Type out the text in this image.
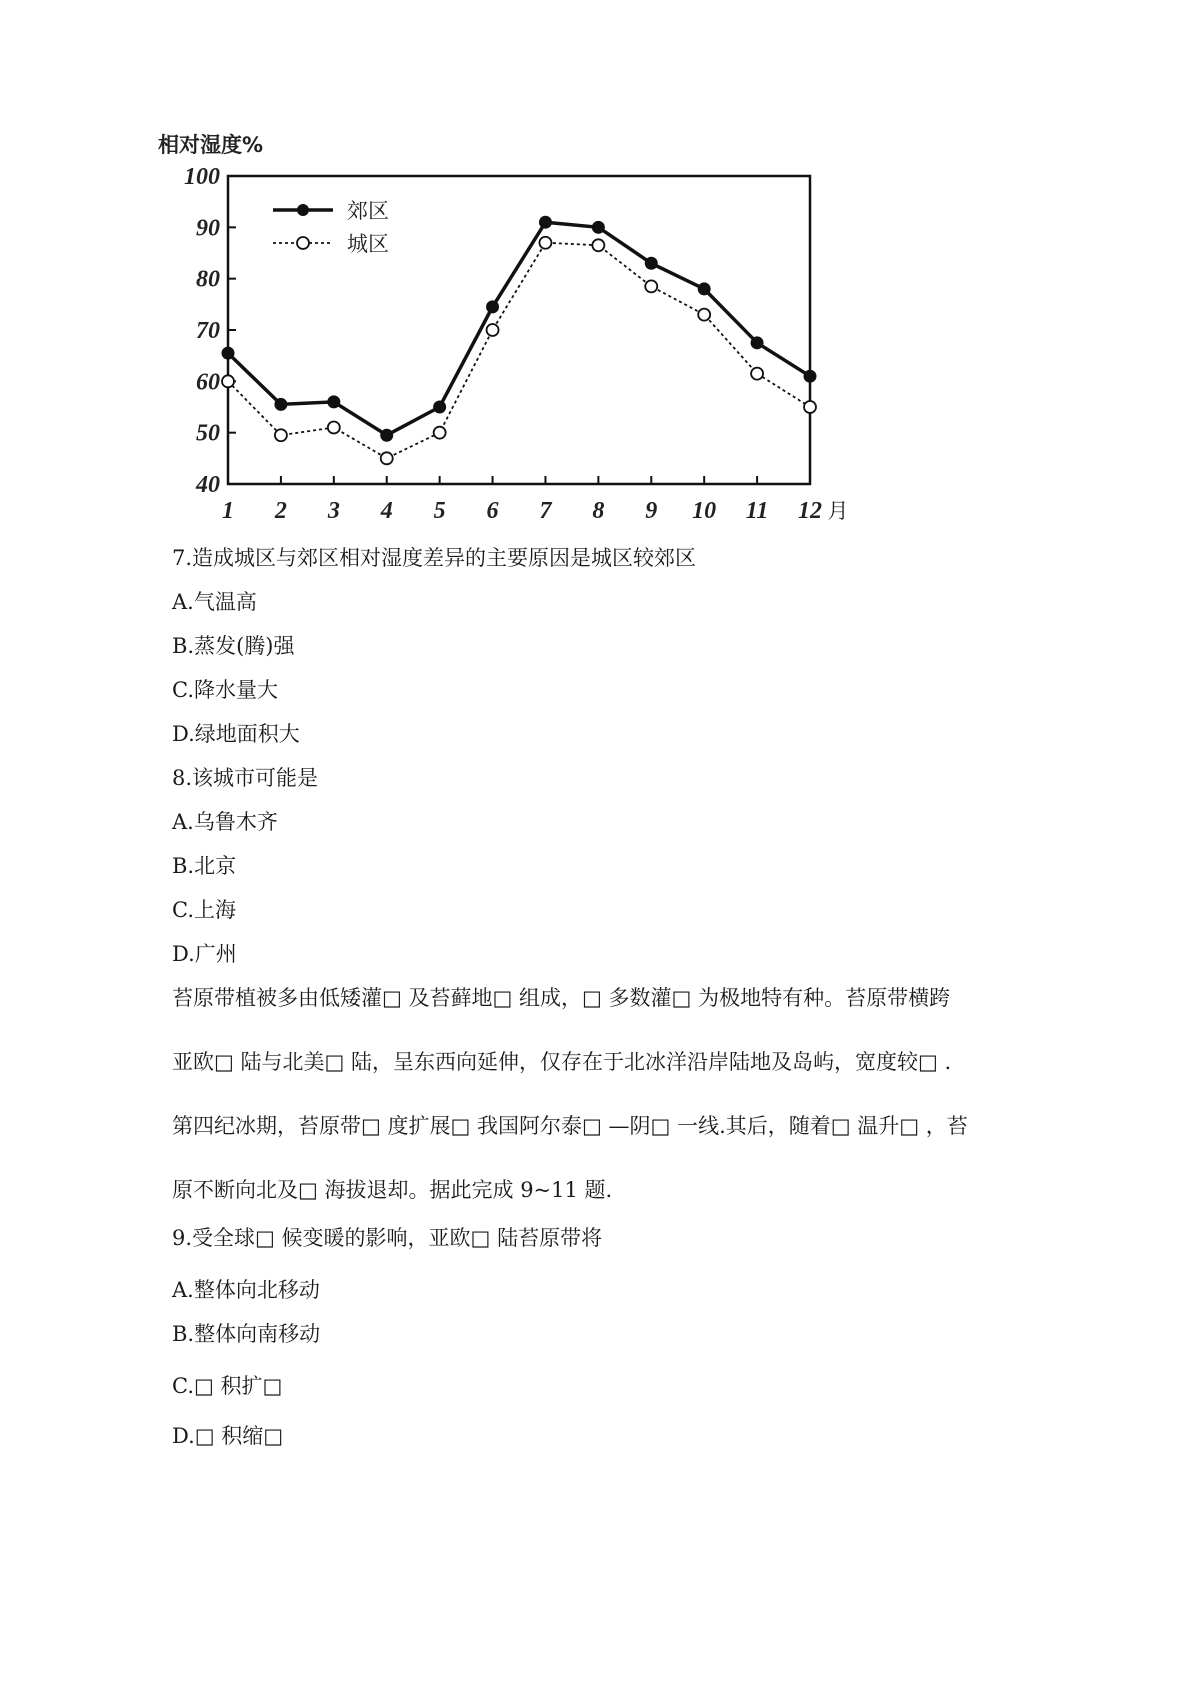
相对湿度%
40
50
60
70
80
90
100
1 2 3 4 5 6 7 8 9 10 11 12 月
郊区
城区
7.造成城区与郊区相对湿度差异的主要原因是城区较郊区
A.气温高
B.蒸发(腾)强
C.降水量大
D.绿地面积大
8.该城市可能是
A.乌鲁木齐
B.北京
C.上海
D.广州
苔原带植被多由低矮灌□ 及苔藓地□ 组成，□ 多数灌□ 为极地特有种。苔原带横跨
亚欧□ 陆与北美□ 陆，呈东西向延伸，仅存在于北冰洋沿岸陆地及岛屿，宽度较□ .
第四纪冰期，苔原带□ 度扩展□ 我国阿尔泰□ —阴□ 一线.其后，随着□ 温升□ ，苔
原不断向北及□ 海拔退却。据此完成 9~11 题.
9.受全球□ 候变暖的影响，亚欧□ 陆苔原带将
A.整体向北移动
B.整体向南移动
C.□ 积扩□
D.□ 积缩□
